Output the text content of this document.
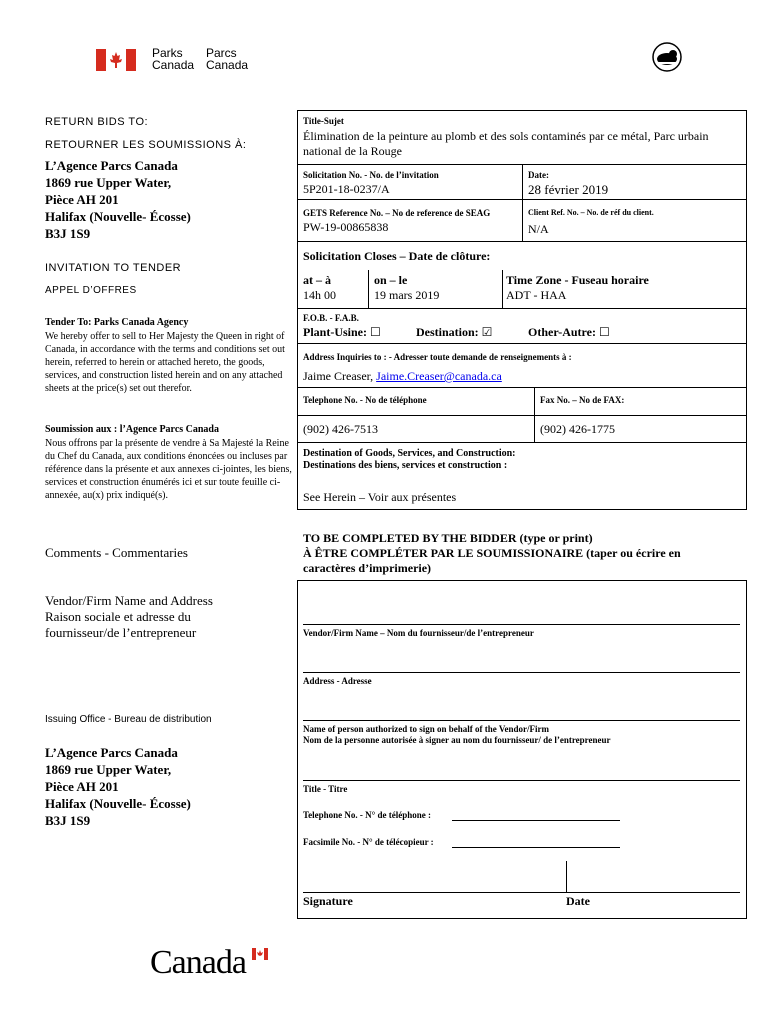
Parks
Canada
Parcs
Canada
RETURN BIDS TO:
RETOURNER LES SOUMISSIONS À:
L’Agence Parcs Canada
1869 rue Upper Water,
Pièce AH 201
Halifax (Nouvelle- Écosse)
B3J 1S9
INVITATION TO TENDER
APPEL D’OFFRES
Tender To: Parks Canada Agency
We hereby offer to sell to Her Majesty the Queen in right of Canada, in accordance with the terms and conditions set out herein, referred to herein or attached hereto, the goods, services, and construction listed herein and on any attached sheets at the price(s) set out therefor.
Soumission aux : l’Agence Parcs Canada
Nous offrons par la présente de vendre à Sa Majesté la Reine du Chef du Canada, aux conditions énoncées ou incluses par référence dans la présente et aux annexes ci-jointes, les biens, services et construction énumérés ici et sur toute feuille ci-annexée, au(x) prix indiqué(s).
Comments - Commentaries
Vendor/Firm Name and Address
Raison sociale et adresse du
fournisseur/de l’entrepreneur
Issuing Office - Bureau de distribution
L’Agence Parcs Canada
1869 rue Upper Water,
Pièce AH 201
Halifax (Nouvelle- Écosse)
B3J 1S9
Title-Sujet
Élimination de la peinture au plomb et des sols contaminés par ce métal, Parc urbain national de la Rouge
Solicitation No. - No. de l’invitation
5P201-18-0237/A
Date:
28 février 2019
GETS Reference No. – No de reference de SEAG
PW-19-00865838
Client Ref. No. – No. de réf du client.
N/A
Solicitation Closes – Date de clôture:
at – à
14h 00
on – le
19 mars 2019
Time Zone - Fuseau horaire
ADT - HAA
F.O.B. - F.A.B.
Plant-Usine: ☐	Destination: ☑	Other-Autre: ☐
Address Inquiries to : - Adresser toute demande de renseignements à :
Jaime Creaser, Jaime.Creaser@canada.ca
Telephone No. - No de téléphone	Fax No. – No de FAX:
(902) 426-7513	(902) 426-1775
Destination of Goods, Services, and Construction:
Destinations des biens, services et construction :
See Herein – Voir aux présentes
TO BE COMPLETED BY THE BIDDER (type or print)
À ÊTRE COMPLÉTER PAR LE SOUMISSIONAIRE (taper ou écrire en
caractères d’imprimerie)
Vendor/Firm Name – Nom du fournisseur/de l’entrepreneur
Address - Adresse
Name of person authorized to sign on behalf of the Vendor/Firm
Nom de la personne autorisée à signer au nom du fournisseur/ de l’entrepreneur
Title - Titre
Telephone No. - N° de téléphone :
Facsimile No. - N° de télécopieur :
Signature	Date
Canada
